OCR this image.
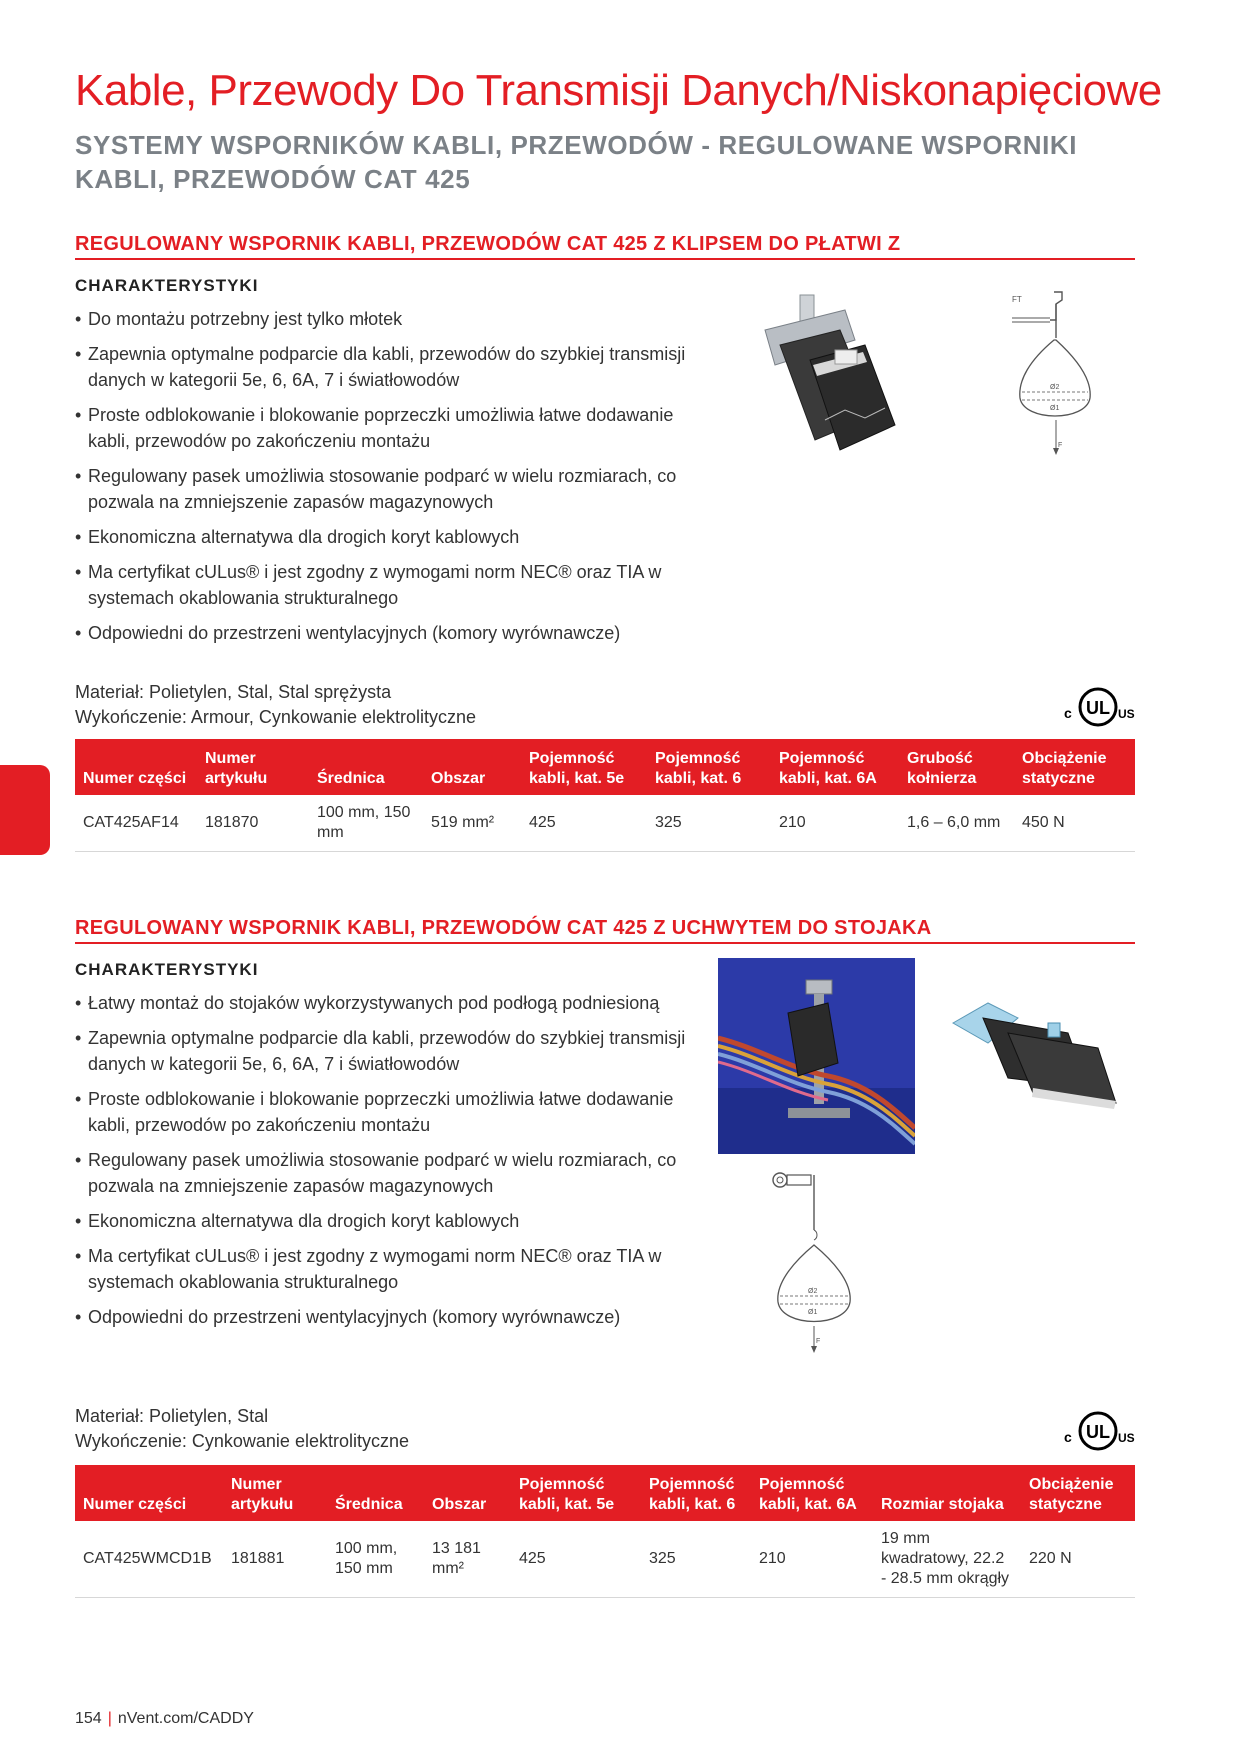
Kable, Przewody Do Transmisji Danych/Niskonapięciowe
SYSTEMY WSPORNIKÓW KABLI, PRZEWODÓW - REGULOWANE WSPORNIKI KABLI, PRZEWODÓW CAT 425
REGULOWANY WSPORNIK KABLI, PRZEWODÓW CAT 425 Z KLIPSEM DO PŁATWI Z
CHARAKTERYSTYKI
• Do montażu potrzebny jest tylko młotek
• Zapewnia optymalne podparcie dla kabli, przewodów do szybkiej transmisji danych w kategorii 5e, 6, 6A, 7 i światłowodów
• Proste odblokowanie i blokowanie poprzeczki umożliwia łatwe dodawanie kabli, przewodów po zakończeniu montażu
• Regulowany pasek umożliwia stosowanie podparć w wielu rozmiarach, co pozwala na zmniejszenie zapasów magazynowych
• Ekonomiczna alternatywa dla drogich koryt kablowych
• Ma certyfikat cULus® i jest zgodny z wymogami norm NEC® oraz TIA w systemach okablowania strukturalnego
• Odpowiedni do przestrzeni wentylacyjnych (komory wyrównawcze)
FT
Ø2
Ø1
F
Materiał: Polietylen, Stal, Stal sprężysta
Wykończenie: Armour, Cynkowanie elektrolityczne	UL
c	US
Numer części	Numer artykułu	Średnica	Obszar	Pojemność kabli, kat. 5e	Pojemność kabli, kat. 6	Pojemność kabli, kat. 6A	Grubość kołnierza	Obciążenie statyczne
CAT425AF14	181870	100 mm, 150 mm	519 mm²	425	325	210	1,6 – 6,0 mm	450 N
REGULOWANY WSPORNIK KABLI, PRZEWODÓW CAT 425 Z UCHWYTEM DO STOJAKA
CHARAKTERYSTYKI
• Łatwy montaż do stojaków wykorzystywanych pod podłogą podniesioną
• Zapewnia optymalne podparcie dla kabli, przewodów do szybkiej transmisji danych w kategorii 5e, 6, 6A, 7 i światłowodów
• Proste odblokowanie i blokowanie poprzeczki umożliwia łatwe dodawanie kabli, przewodów po zakończeniu montażu
• Regulowany pasek umożliwia stosowanie podparć w wielu rozmiarach, co pozwala na zmniejszenie zapasów magazynowych
• Ekonomiczna alternatywa dla drogich koryt kablowych
• Ma certyfikat cULus® i jest zgodny z wymogami norm NEC® oraz TIA w systemach okablowania strukturalnego
• Odpowiedni do przestrzeni wentylacyjnych (komory wyrównawcze)
Ø2
Ø1
F
Materiał: Polietylen, Stal
Wykończenie: Cynkowanie elektrolityczne	UL
c	US
Numer części	Numer artykułu	Średnica	Obszar	Pojemność kabli, kat. 5e	Pojemność kabli, kat. 6	Pojemność kabli, kat. 6A	Rozmiar stojaka	Obciążenie statyczne
CAT425WMCD1B	181881	100 mm, 150 mm	13 181 mm²	425	325	210	19 mm kwadratowy, 22.2 - 28.5 mm okrągły	220 N
154 | nVent.com/CADDY
